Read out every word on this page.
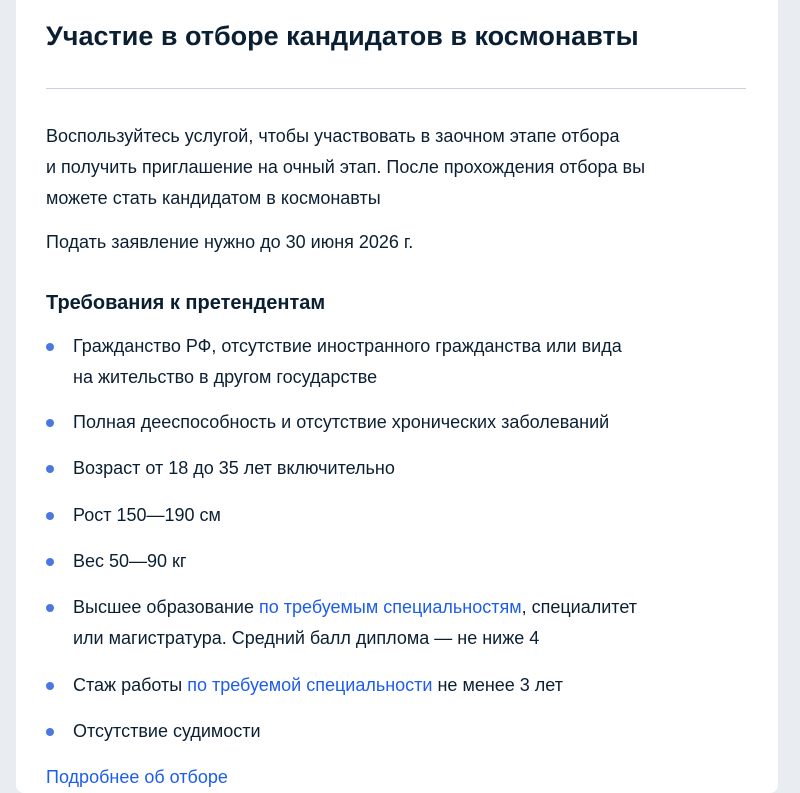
Участие в отборе кандидатов в космонавты

Воспользуйтесь услугой, чтобы участвовать в заочном этапе отбора
и получить приглашение на очный этап. После прохождения отбора вы
можете стать кандидатом в космонавты

Подать заявление нужно до 30 июня 2026 г.

Требования к претендентам
Гражданство РФ, отсутствие иностранного гражданства или вида
на жительство в другом государстве
Полная дееспособность и отсутствие хронических заболеваний
Возраст от 18 до 35 лет включительно
Рост 150—190 см
Вес 50—90 кг
Высшее образование по требуемым специальностям, специалитет
или магистратура. Средний балл диплома — не ниже 4
Стаж работы по требуемой специальности не менее 3 лет
Отсутствие судимости
Подробнее об отборе
